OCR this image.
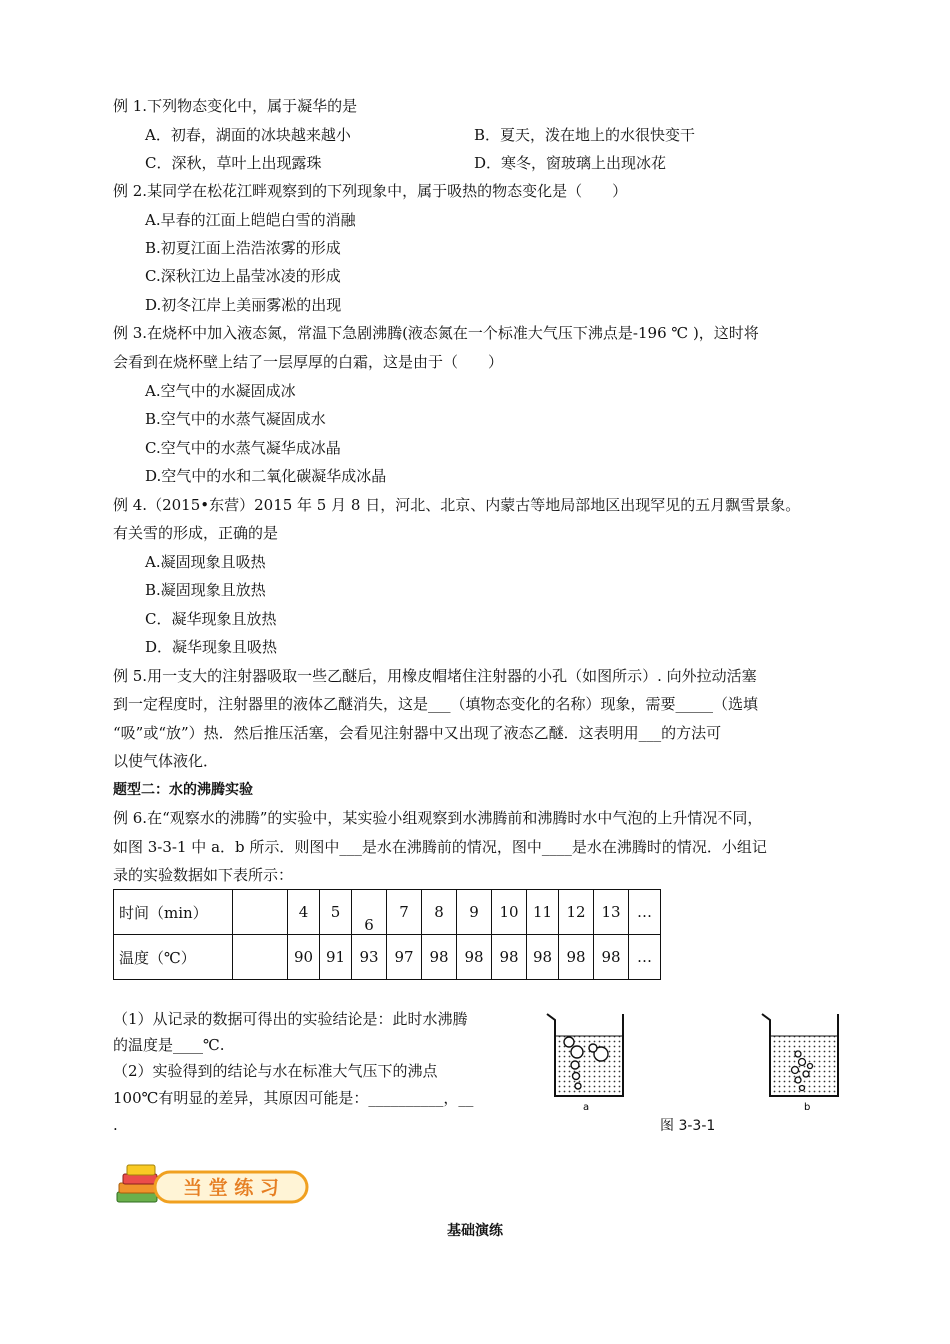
例 1.下列物态变化中，属于凝华的是
A．初春，湖面的冰块越来越小	B．夏天，泼在地上的水很快变干
C．深秋，草叶上出现露珠	D．寒冬，窗玻璃上出现冰花
例 2.某同学在松花江畔观察到的下列现象中，属于吸热的物态变化是（　　）
A.早春的江面上皑皑白雪的消融
B.初夏江面上浩浩浓雾的形成
C.深秋江边上晶莹冰凌的形成
D.初冬江岸上美丽雾凇的出现
例 3.在烧杯中加入液态氮，常温下急剧沸腾(液态氮在一个标准大气压下沸点是-196 ℃ )，这时将
会看到在烧杯壁上结了一层厚厚的白霜，这是由于（　　）
A.空气中的水凝固成冰
B.空气中的水蒸气凝固成水
C.空气中的水蒸气凝华成冰晶
D.空气中的水和二氧化碳凝华成冰晶
例 4.（2015•东营）2015 年 5 月 8 日，河北、北京、内蒙古等地局部地区出现罕见的五月飘雪景象。
有关雪的形成，正确的是
A.凝固现象且吸热
B.凝固现象且放热
C．凝华现象且放热
D．凝华现象且吸热
例 5.用一支大的注射器吸取一些乙醚后，用橡皮帽堵住注射器的小孔（如图所示）. 向外拉动活塞
到一定程度时，注射器里的液体乙醚消失，这是___（填物态变化的名称）现象，需要_____（选填
“吸”或“放”）热．然后推压活塞，会看见注射器中又出现了液态乙醚．这表明用___的方法可
以使气体液化．
题型二：水的沸腾实验
例 6.在“观察水的沸腾”的实验中，某实验小组观察到水沸腾前和沸腾时水中气泡的上升情况不同，
如图 3-3-1 中 a．b 所示．则图中___是水在沸腾前的情况，图中____是水在沸腾时的情况．小组记
录的实验数据如下表所示：
时间（min）		4	5	6	7	8	9	10	11	12	13	…
温度（℃）		90	91	93	97	98	98	98	98	98	98	…
（1）从记录的数据可得出的实验结论是：此时水沸腾
的温度是____℃.
（2）实验得到的结论与水在标准大气压下的沸点
100℃有明显的差异，其原因可能是：__________，__
.
a	b
图 3-3-1
当 堂 练 习
基础演练
